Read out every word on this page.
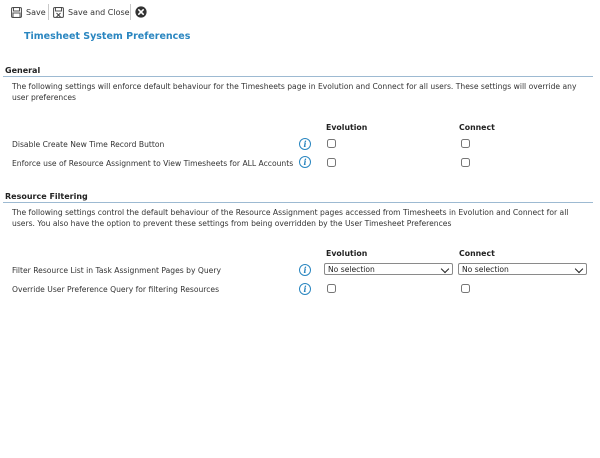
Save	Save and Close
Timesheet System Preferences
General
The following settings will enforce default behaviour for the Timesheets page in Evolution and Connect for all users. These settings will override any user preferences
Evolution	Connect
Disable Create New Time Record Button	i
Enforce use of Resource Assignment to View Timesheets for ALL Accounts	i
Resource Filtering
The following settings control the default behaviour of the Resource Assignment pages accessed from Timesheets in Evolution and Connect for all users. You also have the option to prevent these settings from being overridden by the User Timesheet Preferences
Evolution	Connect
Filter Resource List in Task Assignment Pages by Query	i	No selection	No selection
Override User Preference Query for filtering Resources	i
